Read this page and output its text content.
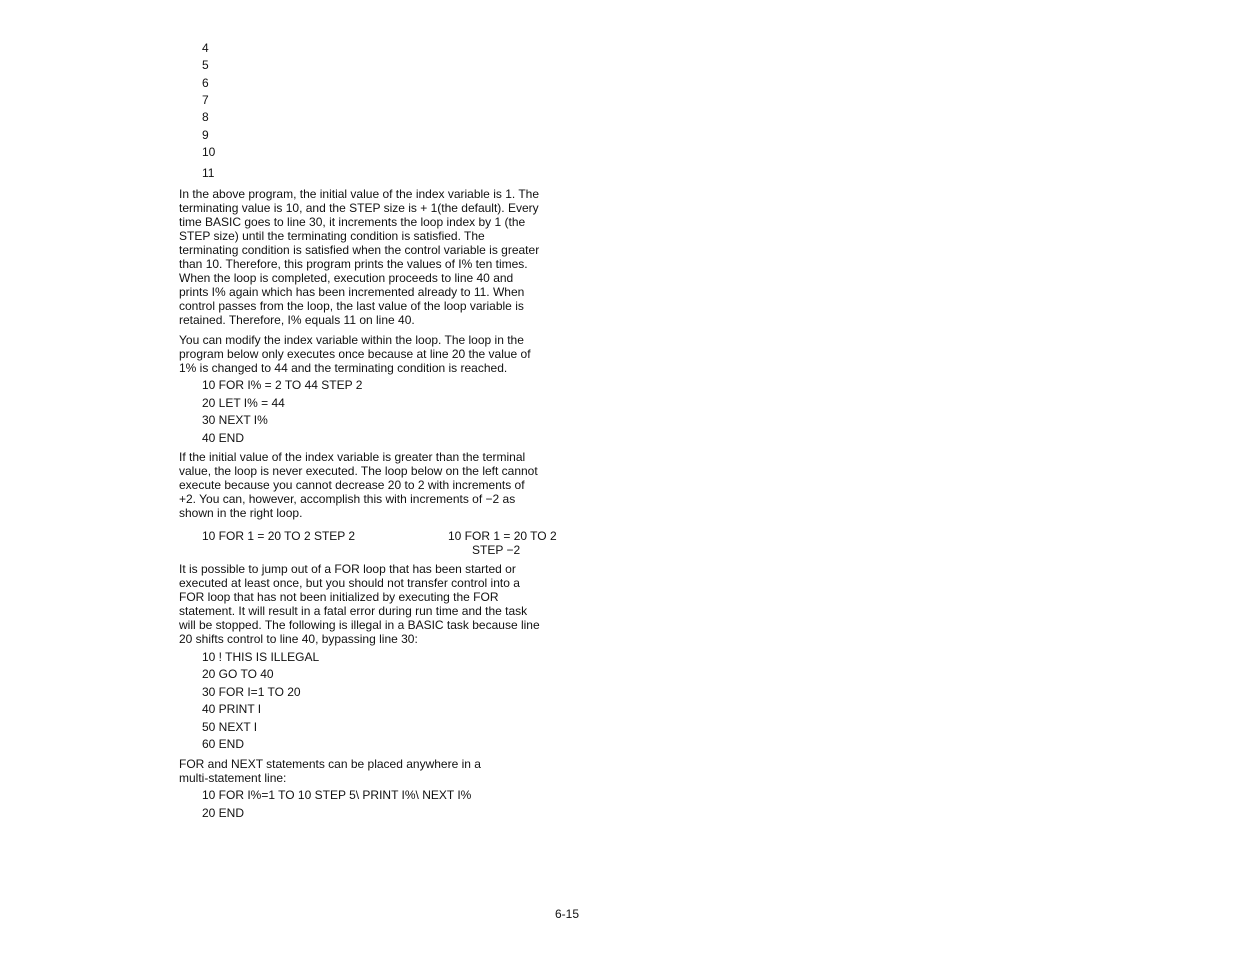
4
5
6
7
8
9
10
11
In the above program, the initial value of the index variable is 1. The
terminating value is 10, and the STEP size is + 1(the default). Every
time BASIC goes to line 30, it increments the loop index by 1 (the
STEP size) until the terminating condition is satisfied. The
terminating condition is satisfied when the control variable is greater
than 10. Therefore, this program prints the values of I% ten times.
When the loop is completed, execution proceeds to line 40 and
prints I% again which has been incremented already to 11. When
control passes from the loop, the last value of the loop variable is
retained. Therefore, I% equals 11 on line 40.
You can modify the index variable within the loop. The loop in the
program below only executes once because at line 20 the value of
1% is changed to 44 and the terminating condition is reached.
10 FOR I% = 2 TO 44 STEP 2
20 LET I% = 44
30 NEXT I%
40 END
If the initial value of the index variable is greater than the terminal
value, the loop is never executed. The loop below on the left cannot
execute because you cannot decrease 20 to 2 with increments of
+2. You can, however, accomplish this with increments of −2 as
shown in the right loop.
10 FOR 1 = 20 TO 2 STEP 2	10 FOR 1 = 20 TO 2
STEP −2
It is possible to jump out of a FOR loop that has been started or
executed at least once, but you should not transfer control into a
FOR loop that has not been initialized by executing the FOR
statement. It will result in a fatal error during run time and the task
will be stopped. The following is illegal in a BASIC task because line
20 shifts control to line 40, bypassing line 30:
10 ! THIS IS ILLEGAL
20 GO TO 40
30 FOR I=1 TO 20
40 PRINT I
50 NEXT I
60 END
FOR and NEXT statements can be placed anywhere in a
multi-statement line:
10 FOR I%=1 TO 10 STEP 5\ PRINT I%\ NEXT I%
20 END
6-15
